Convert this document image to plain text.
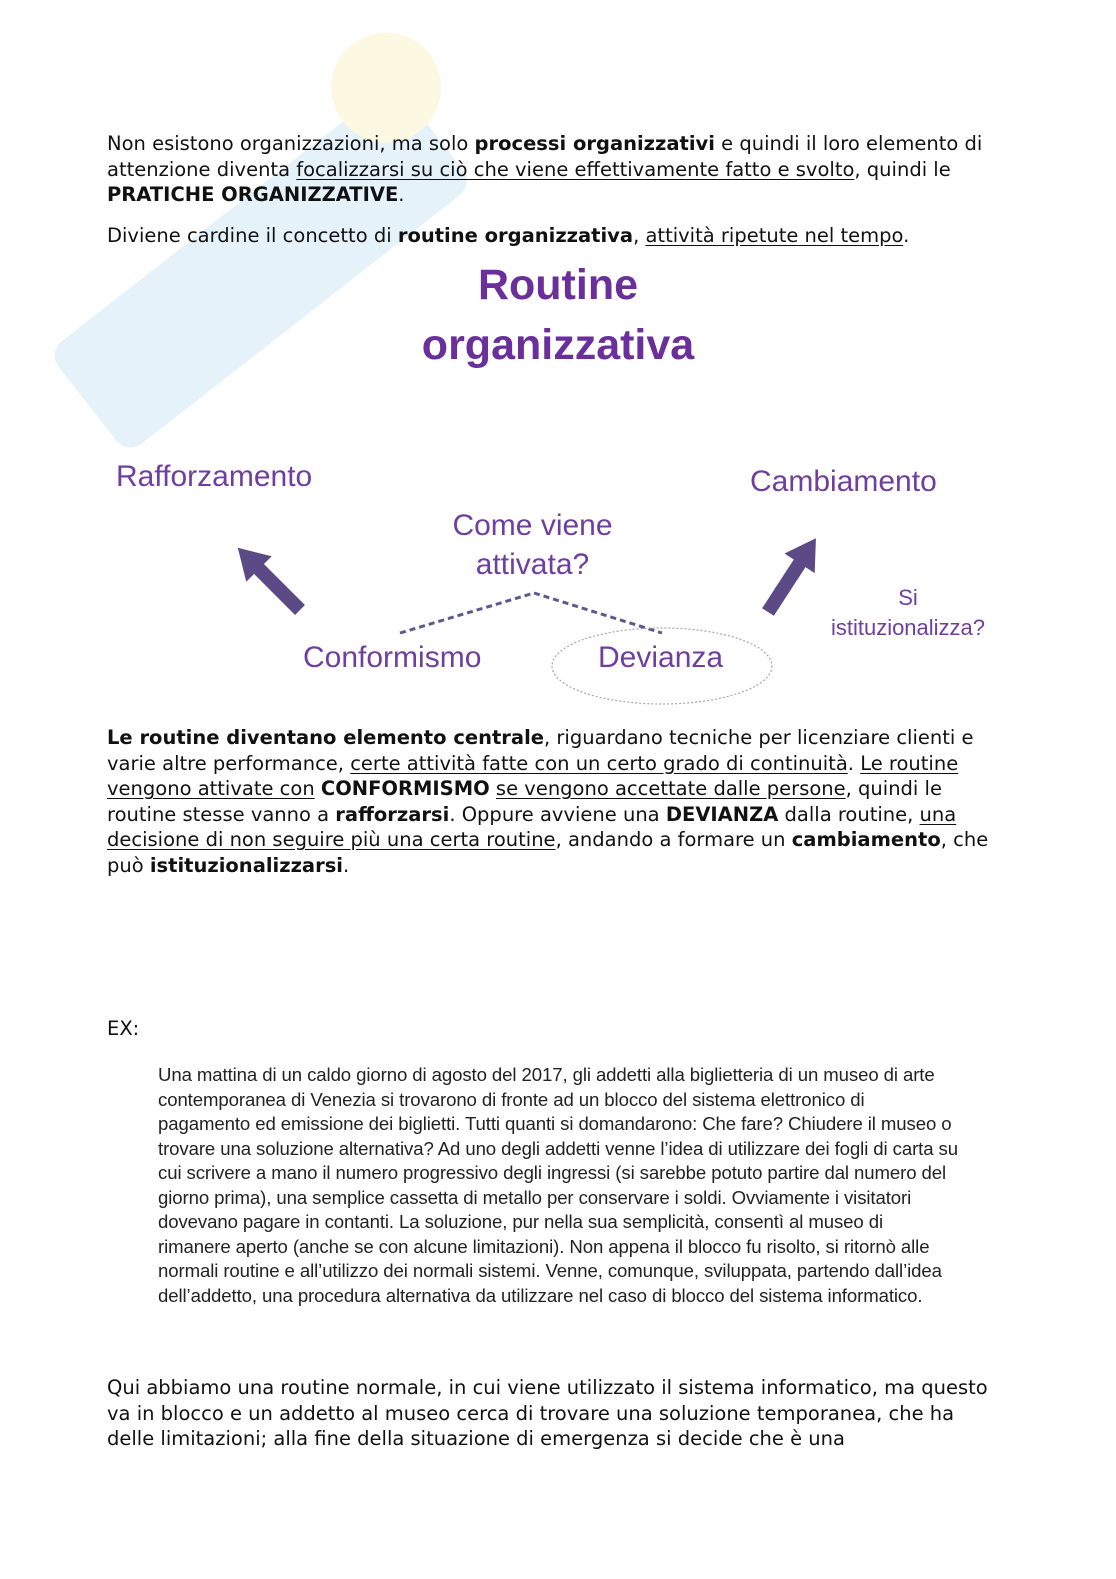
Non esistono organizzazioni, ma solo processi organizzativi e quindi il loro elemento di attenzione diventa focalizzarsi su ciò che viene effettivamente fatto e svolto, quindi le PRATICHE ORGANIZZATIVE.

Diviene cardine il concetto di routine organizzativa, attività ripetute nel tempo.

Routine
organizzativa
Rafforzamento	Cambiamento
Come viene
attivata?
Conformismo	Devianza
Si
istituzionalizza?

Le routine diventano elemento centrale, riguardano tecniche per licenziare clienti e varie altre performance, certe attività fatte con un certo grado di continuità. Le routine vengono attivate con CONFORMISMO se vengono accettate dalle persone, quindi le routine stesse vanno a rafforzarsi. Oppure avviene una DEVIANZA dalla routine, una decisione di non seguire più una certa routine, andando a formare un cambiamento, che può istituzionalizzarsi.

EX:

Una mattina di un caldo giorno di agosto del 2017, gli addetti alla biglietteria di un museo di arte contemporanea di Venezia si trovarono di fronte ad un blocco del sistema elettronico di pagamento ed emissione dei biglietti. Tutti quanti si domandarono: Che fare? Chiudere il museo o trovare una soluzione alternativa? Ad uno degli addetti venne l’idea di utilizzare dei fogli di carta su cui scrivere a mano il numero progressivo degli ingressi (si sarebbe potuto partire dal numero del giorno prima), una semplice cassetta di metallo per conservare i soldi. Ovviamente i visitatori dovevano pagare in contanti. La soluzione, pur nella sua semplicità, consentì al museo di rimanere aperto (anche se con alcune limitazioni). Non appena il blocco fu risolto, si ritornò alle normali routine e all’utilizzo dei normali sistemi. Venne, comunque, sviluppata, partendo dall’idea dell’addetto, una procedura alternativa da utilizzare nel caso di blocco del sistema informatico.

Qui abbiamo una routine normale, in cui viene utilizzato il sistema informatico, ma questo va in blocco e un addetto al museo cerca di trovare una soluzione temporanea, che ha delle limitazioni; alla fine della situazione di emergenza si decide che è una
